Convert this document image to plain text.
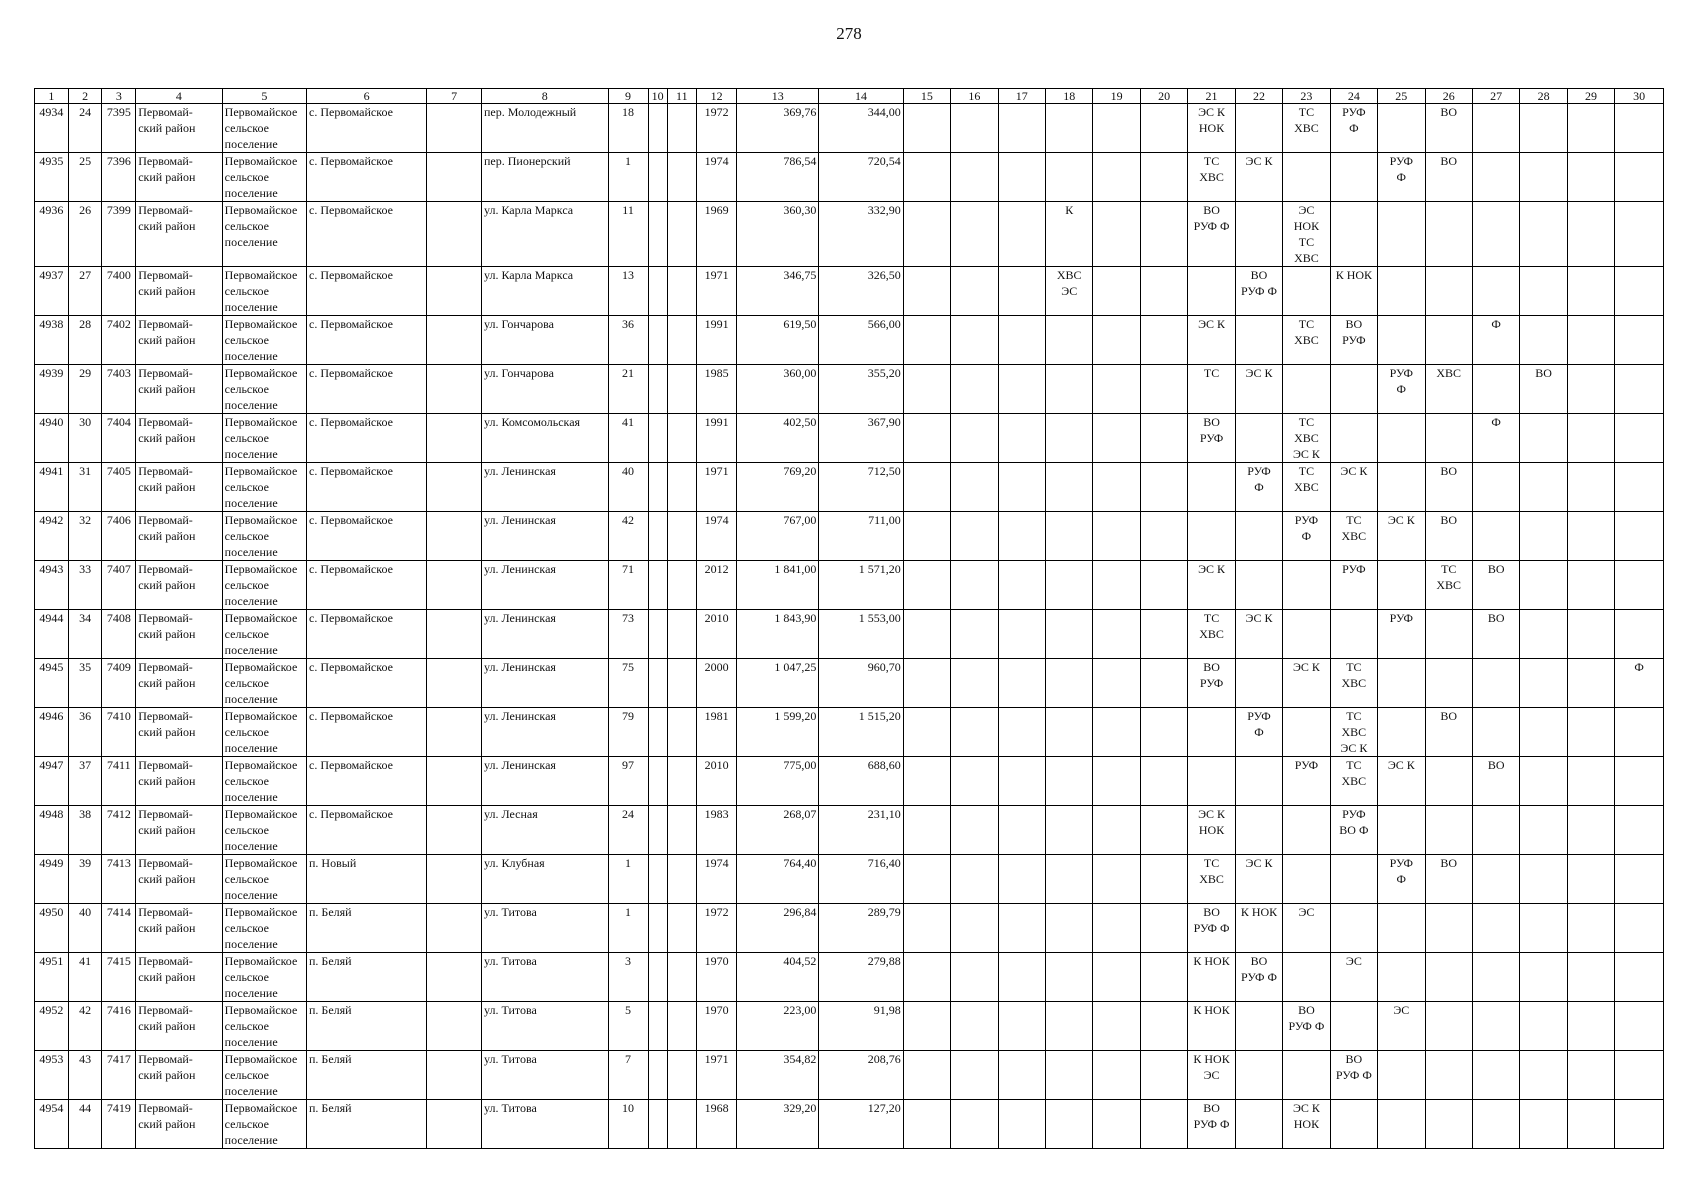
278
1	2	3	4	5	6	7	8	9	10	11	12	13	14	15	16	17	18	19	20	21	22	23	24	25	26	27	28	29	30
4934	24	7395	Первомай-
ский район	Первомайское
сельское
поселение	с. Первомайское		пер. Молодежный	18			1972	369,76	344,00							ЭС К
НОК		ТС
ХВС	РУФ
Ф		ВО				
4935	25	7396	Первомай-
ский район	Первомайское
сельское
поселение	с. Первомайское		пер. Пионерский	1			1974	786,54	720,54							ТС
ХВС	ЭС К			РУФ
Ф	ВО				
4936	26	7399	Первомай-
ский район	Первомайское
сельское
поселение	с. Первомайское		ул. Карла Маркса	11			1969	360,30	332,90				К			ВО
РУФ Ф		ЭС
НОК
ТС
ХВС							
4937	27	7400	Первомай-
ский район	Первомайское
сельское
поселение	с. Первомайское		ул. Карла Маркса	13			1971	346,75	326,50				ХВС
ЭС				ВО
РУФ Ф		К НОК						
4938	28	7402	Первомай-
ский район	Первомайское
сельское
поселение	с. Первомайское		ул. Гончарова	36			1991	619,50	566,00							ЭС К		ТС
ХВС	ВО
РУФ			Ф			
4939	29	7403	Первомай-
ский район	Первомайское
сельское
поселение	с. Первомайское		ул. Гончарова	21			1985	360,00	355,20							ТС	ЭС К			РУФ
Ф	ХВС		ВО		
4940	30	7404	Первомай-
ский район	Первомайское
сельское
поселение	с. Первомайское		ул. Комсомольская	41			1991	402,50	367,90							ВО
РУФ		ТС
ХВС
ЭС К				Ф			
4941	31	7405	Первомай-
ский район	Первомайское
сельское
поселение	с. Первомайское		ул. Ленинская	40			1971	769,20	712,50								РУФ
Ф	ТС
ХВС	ЭС К		ВО				
4942	32	7406	Первомай-
ский район	Первомайское
сельское
поселение	с. Первомайское		ул. Ленинская	42			1974	767,00	711,00									РУФ
Ф	ТС
ХВС	ЭС К	ВО				
4943	33	7407	Первомай-
ский район	Первомайское
сельское
поселение	с. Первомайское		ул. Ленинская	71			2012	1 841,00	1 571,20							ЭС К			РУФ		ТС
ХВС	ВО			
4944	34	7408	Первомай-
ский район	Первомайское
сельское
поселение	с. Первомайское		ул. Ленинская	73			2010	1 843,90	1 553,00							ТС
ХВС	ЭС К			РУФ		ВО			
4945	35	7409	Первомай-
ский район	Первомайское
сельское
поселение	с. Первомайское		ул. Ленинская	75			2000	1 047,25	960,70							ВО
РУФ		ЭС К	ТС
ХВС						Ф
4946	36	7410	Первомай-
ский район	Первомайское
сельское
поселение	с. Первомайское		ул. Ленинская	79			1981	1 599,20	1 515,20								РУФ
Ф		ТС
ХВС
ЭС К		ВО				
4947	37	7411	Первомай-
ский район	Первомайское
сельское
поселение	с. Первомайское		ул. Ленинская	97			2010	775,00	688,60									РУФ	ТС
ХВС	ЭС К		ВО			
4948	38	7412	Первомай-
ский район	Первомайское
сельское
поселение	с. Первомайское		ул. Лесная	24			1983	268,07	231,10							ЭС К
НОК			РУФ
ВО Ф						
4949	39	7413	Первомай-
ский район	Первомайское
сельское
поселение	п. Новый		ул. Клубная	1			1974	764,40	716,40							ТС
ХВС	ЭС К			РУФ
Ф	ВО				
4950	40	7414	Первомай-
ский район	Первомайское
сельское
поселение	п. Беляй		ул. Титова	1			1972	296,84	289,79							ВО
РУФ Ф	К НОК	ЭС							
4951	41	7415	Первомай-
ский район	Первомайское
сельское
поселение	п. Беляй		ул. Титова	3			1970	404,52	279,88							К НОК	ВО
РУФ Ф		ЭС						
4952	42	7416	Первомай-
ский район	Первомайское
сельское
поселение	п. Беляй		ул. Титова	5			1970	223,00	91,98							К НОК		ВО
РУФ Ф		ЭС					
4953	43	7417	Первомай-
ский район	Первомайское
сельское
поселение	п. Беляй		ул. Титова	7			1971	354,82	208,76							К НОК
ЭС			ВО
РУФ Ф						
4954	44	7419	Первомай-
ский район	Первомайское
сельское
поселение	п. Беляй		ул. Титова	10			1968	329,20	127,20							ВО
РУФ Ф		ЭС К
НОК							
